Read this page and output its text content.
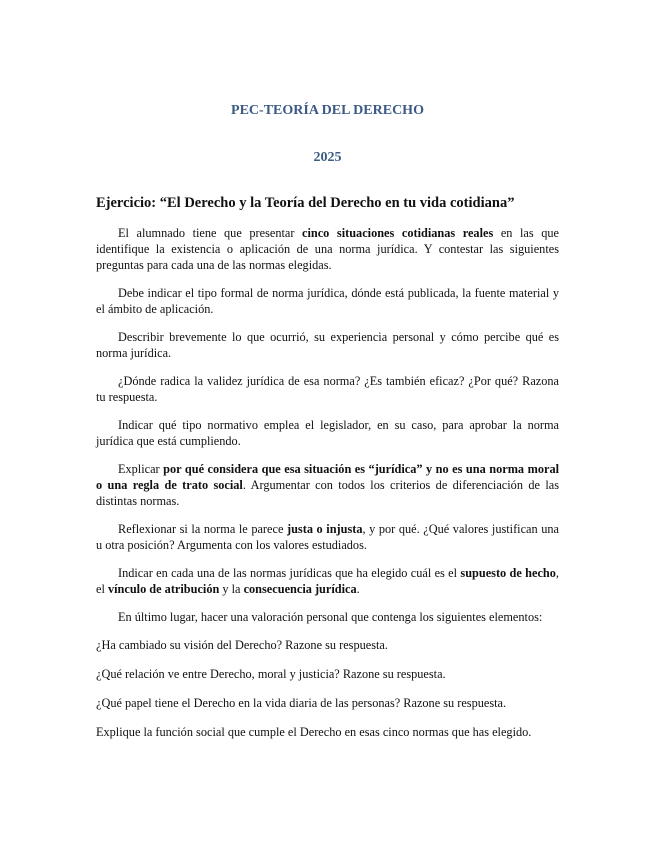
PEC-TEORÍA DEL DERECHO
2025
Ejercicio: “El Derecho y la Teoría del Derecho en tu vida cotidiana”

El alumnado tiene que presentar cinco situaciones cotidianas reales en las que identifique la existencia o aplicación de una norma jurídica. Y contestar las siguientes preguntas para cada una de las normas elegidas.

Debe indicar el tipo formal de norma jurídica, dónde está publicada, la fuente material y el ámbito de aplicación.

Describir brevemente lo que ocurrió, su experiencia personal y cómo percibe qué es norma jurídica.

¿Dónde radica la validez jurídica de esa norma? ¿Es también eficaz? ¿Por qué? Razona tu respuesta.

Indicar qué tipo normativo emplea el legislador, en su caso, para aprobar la norma jurídica que está cumpliendo.

Explicar por qué considera que esa situación es “jurídica” y no es una norma moral o una regla de trato social. Argumentar con todos los criterios de diferenciación de las distintas normas.

Reflexionar si la norma le parece justa o injusta, y por qué. ¿Qué valores justifican una u otra posición? Argumenta con los valores estudiados.

Indicar en cada una de las normas jurídicas que ha elegido cuál es el supuesto de hecho, el vínculo de atribución y la consecuencia jurídica.

En último lugar, hacer una valoración personal que contenga los siguientes elementos:

¿Ha cambiado su visión del Derecho? Razone su respuesta.

¿Qué relación ve entre Derecho, moral y justicia? Razone su respuesta.

¿Qué papel tiene el Derecho en la vida diaria de las personas? Razone su respuesta.

Explique la función social que cumple el Derecho en esas cinco normas que has elegido.
